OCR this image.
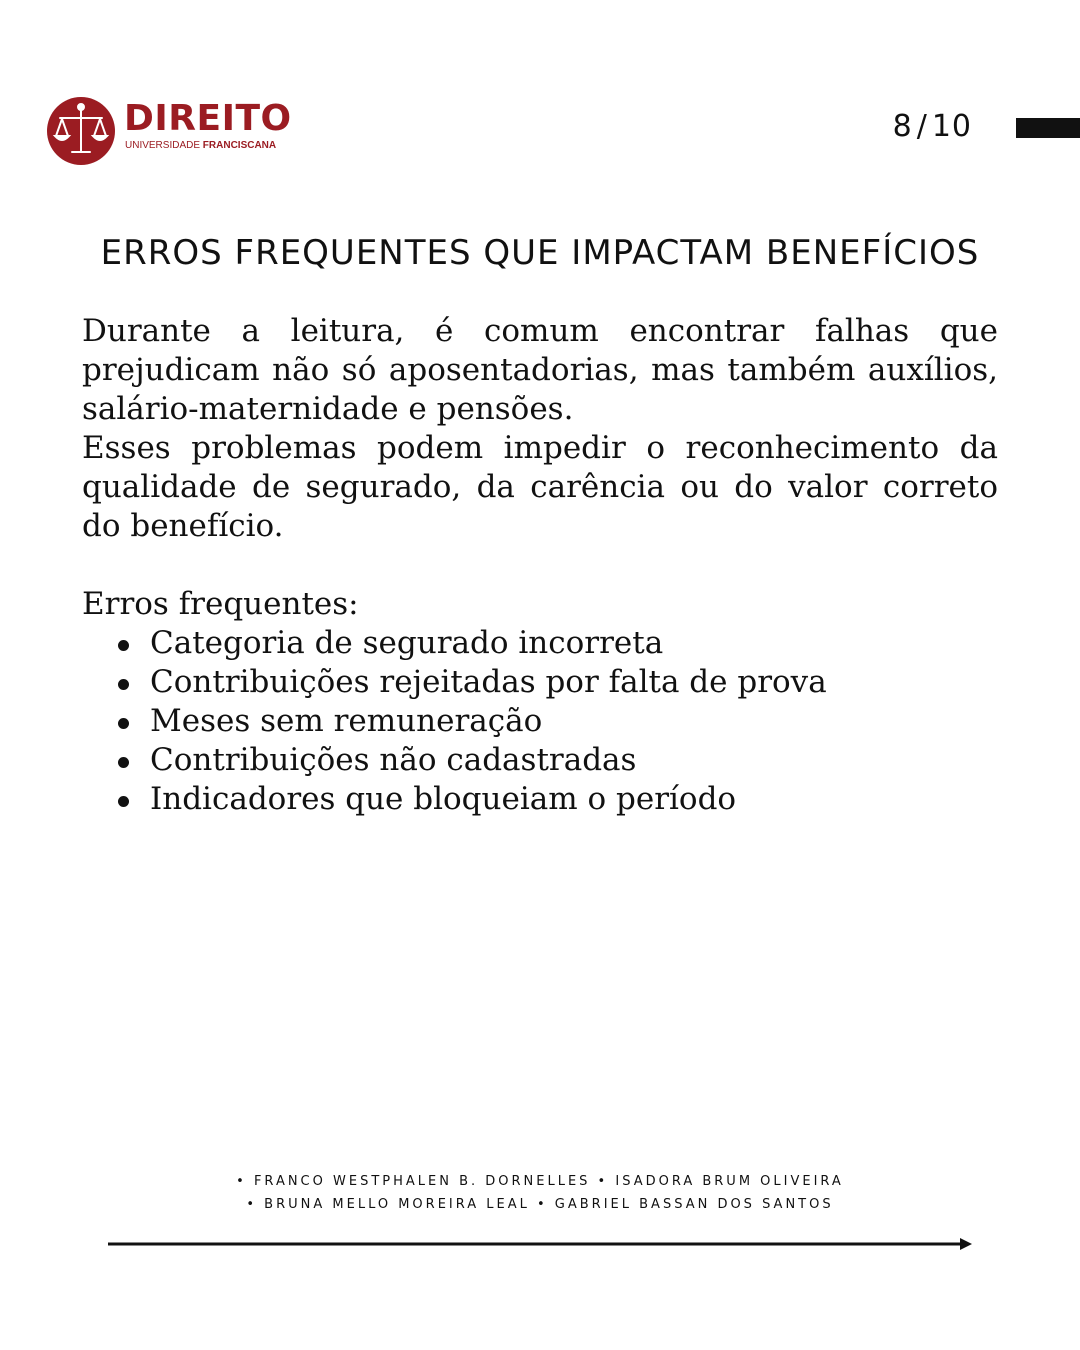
DIREITO
UNIVERSIDADE FRANCISCANA
8 / 10
ERROS FREQUENTES QUE IMPACTAM BENEFÍCIOS

Durante a leitura, é comum encontrar falhas que prejudicam não só aposentadorias, mas também auxílios, salário-maternidade e pensões.

Esses problemas podem impedir o reconhecimento da qualidade de segurado, da carência ou do valor correto do benefício.

Erros frequentes:
Categoria de segurado incorreta
Contribuições rejeitadas por falta de prova
Meses sem remuneração
Contribuições não cadastradas
Indicadores que bloqueiam o período
• FRANCO WESTPHALEN B. DORNELLES • ISADORA BRUM OLIVEIRA
• BRUNA MELLO MOREIRA LEAL • GABRIEL BASSAN DOS SANTOS
